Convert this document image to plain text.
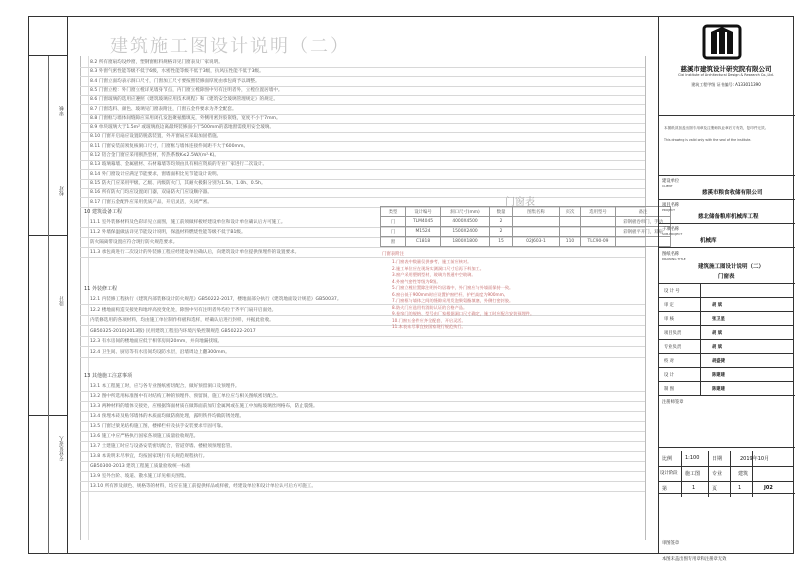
审核
校对
设计
专业负责人
建筑施工图设计说明（二）
8.2 所有窗扇均设纱窗，塑钢窗框料规格详见门窗表及厂家说明。
8.3 外窗气密性能等级不低于6级，水密性能等级不低于3级，抗风压性能不低于3级。
8.4 门窗立面均表示洞口尺寸，门窗加工尺寸要按照装修面厚度由承包商予以调整。
8.5 门窗立樘：外门窗立樘详见墙身节点，内门窗立樘除图中另有注明者外，立樘位置居墙中。
8.6 门窗玻璃的选用应遵照《建筑玻璃应用技术规程》和《建筑安全玻璃管理规定》的规定。
8.7 门窗选料、颜色、玻璃见门窗表附注，门窗五金件要求为齐全配套。
8.8 门窗框与墙体间缝隙应采用闭孔发泡聚氨酯填充，外侧用密封胶嵌缝，宽度不小于7mm。
8.9 单块玻璃大于1.5m² 或玻璃底边离最终装修面小于500mm的落地窗需使用安全玻璃。
8.10 门窗开启扇应设置防脱落装置，外开窗扇应采取加固措施。
8.11 门窗安装前须复核洞口尺寸，门窗框与墙体连接件间距不大于600mm。
8.12 铝合金门窗应采用断热型材，传热系数K≤2.5W/(m²·K)。
8.13 玻璃幕墙、金属板材、石材幕墙等均须由具有相应资质的专业厂家进行二次设计。
8.14 外门窗设计应满足节能要求，窗墙面积比见节能设计说明。
8.15 防火门应采用甲级、乙级、丙级防火门，其耐火极限分别为1.5h、1.0h、0.5h。
8.16 所有防火门均应设置闭门器，双扇防火门应设顺序器。
8.17 门窗五金配件应采用优质产品，开启灵活，关闭严密。
10 建筑设备工程
11.1 室外装修材料及色彩详见立面图，施工前须做样板经建设单位和设计单位确认后方可施工。
11.2 外墙保温做法详见节能设计说明，保温材料燃烧性能等级不低于B1级。
防火隔离带设置应符合现行防火规范要求。
11.3 承包商进行二次设计的外装修工程应经建设单位确认后，向建筑设计单位提供预埋件的设置要求。
11 外装修工程
12.1 内装修工程执行《建筑内部装修设计防火规范》GB50222-2017，楼地面部分执行《建筑地面设计规范》GB50037。
12.2 楼地面构造交接处和地坪高度变化处，除图中另有注明者外均位于齐平门扇开启面处。
内装修选用的各项材料，均由施工单位制作样板和选样，经确认后进行封样，并据此验收。
GB50325-2010(2013版) 民用建筑工程室内环境污染控制规范 GB50222-2017
12.3 有水房间的楼地面应低于相邻房间20mm，并向地漏找坡。
12.4 卫生间、厨房等有水房间均设防水层，沿墙周边上翻300mm。
13 其他施工注意事项
13.1 本工程施工时，应与各专业图纸密切配合，做好预留洞口及预埋件。
13.2 图中所选用标准图中有对结构工种的预埋件、预留洞，施工单位应与相关图纸密切配合。
13.3 两种材料的墙体交接处，应根据饰面材质在做饰面前加钉金属网或在施工中加贴玻璃丝网格布，防止裂缝。
13.4 预埋木砖及贴邻墙体的木质面均做防腐处理，露明铁件均做防锈处理。
13.5 门窗过梁见结构施工图，楼梯栏杆及扶手安装要求牢固可靠。
13.6 施工中应严格执行国家各项施工质量验收规范。
13.7 土建施工时应与设备安装密切配合，管道穿墙、楼板须预埋套管。
13.8 本说明未尽事宜，均按国家现行有关规范规程执行。
GB50300-2013 建筑工程施工质量验收统一标准
13.9 室外台阶、坡道、散水施工详见相关图集。
13.10 所有涉及颜色、规格等的材料，均应在施工前提供样品或样板，经建设单位和设计单位认可后方可施工。
门窗表
类型	设计编号	洞口尺寸(mm)	数量	图集名称	页次	选用型号	备注
门	TLM4045	4000X4500	2				彩钢板卷帘门，手动
门	M1524	1500X2400	2				彩钢板平开门，双扇
窗	C1818	1800X1800	15	02J603-1	110	TLC90-09	
门窗表附注
1.门窗表中数量仅供参考，施工前应核对。
2.施工单位应在现场实测洞口尺寸后再下料加工。
3.窗户采用塑钢型材，玻璃为普通中空玻璃。
4.外窗气密性等级为6级。
5.门窗立樘位置除注明外均居墙中，外门窗应与外墙面保持一致。
6.窗台低于900mm时应设置护窗栏杆，护栏高度为900mm。
7.门窗框与墙体之间的缝隙采用发泡聚氨酯填塞，外侧打密封胶。
8.防火门应选用有消防认证的合格产品。
9.卷帘门的规格、型号由厂家根据洞口尺寸确定，施工时应配合安装预埋件。
10.门窗五金件应齐全配套，开启灵活。
11.本表未尽事宜按国家现行规范执行。
慈溪市建筑设计研究院有限公司
Cixi Institute of Architectural Design & Research Co.,Ltd.
建筑工程甲级 证书编号: A133011390
本图纸须加盖出图专用章及注册师执业章后方有效，复印件无效。
This drawing is valid only with the seal of the institute.
建设单位
CLIENT
慈溪市粮食收储有限公司
项目名称
PROJECT
慈北储备粮库机械库工程
子项名称
SUB-PROJECT
机械库
图纸名称
DRAWING TITLE
建筑施工图设计说明（二）
门窗表
设 计 号
审 定	胡 斌
审 核	张卫星
项目负责	胡 斌
专业负责	胡 斌
校 对	胡盛捷
设 计	陈建建
制 图	陈建建
注册师签章
比例	1:100	日期	2019年10月
设计阶段 施工图 专业	建筑
第	1	页	1	J02
审图签章
本图未盖出图专用章和注册章无效
